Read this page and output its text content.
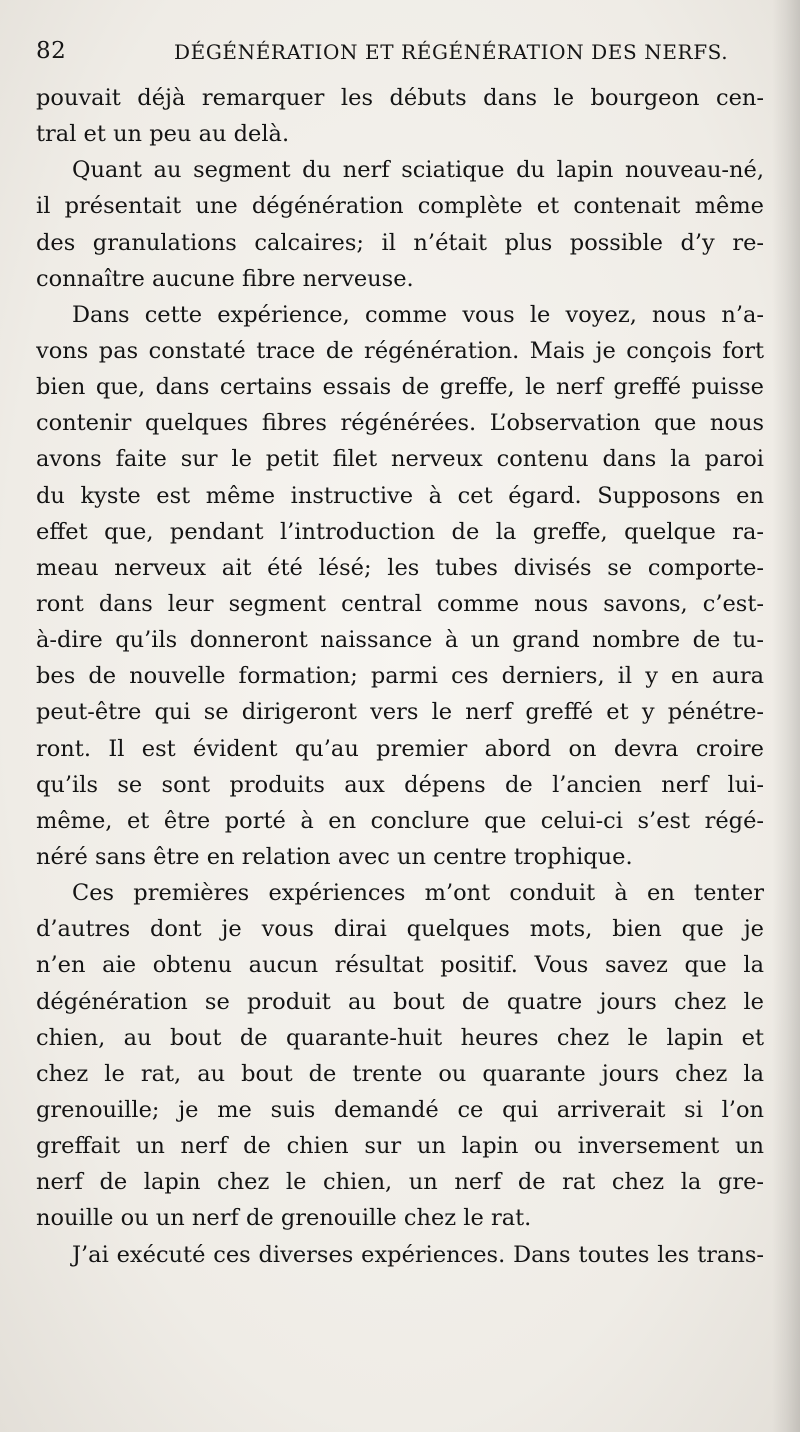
82	DÉGÉNÉRATION ET RÉGÉNÉRATION DES NERFS.
pouvait déjà remarquer les débuts dans le bourgeon cen-
tral et un peu au delà.
Quant au segment du nerf sciatique du lapin nouveau-né,
il présentait une dégénération complète et contenait même
des granulations calcaires; il n’était plus possible d’y re-
connaître aucune fibre nerveuse.
Dans cette expérience, comme vous le voyez, nous n’a-
vons pas constaté trace de régénération. Mais je conçois fort
bien que, dans certains essais de greffe, le nerf greffé puisse
contenir quelques fibres régénérées. L’observation que nous
avons faite sur le petit filet nerveux contenu dans la paroi
du kyste est même instructive à cet égard. Supposons en
effet que, pendant l’introduction de la greffe, quelque ra-
meau nerveux ait été lésé; les tubes divisés se comporte-
ront dans leur segment central comme nous savons, c’est-
à-dire qu’ils donneront naissance à un grand nombre de tu-
bes de nouvelle formation; parmi ces derniers, il y en aura
peut-être qui se dirigeront vers le nerf greffé et y pénétre-
ront. Il est évident qu’au premier abord on devra croire
qu’ils se sont produits aux dépens de l’ancien nerf lui-
même, et être porté à en conclure que celui-ci s’est régé-
néré sans être en relation avec un centre trophique.
Ces premières expériences m’ont conduit à en tenter
d’autres dont je vous dirai quelques mots, bien que je
n’en aie obtenu aucun résultat positif. Vous savez que la
dégénération se produit au bout de quatre jours chez le
chien, au bout de quarante-huit heures chez le lapin et
chez le rat, au bout de trente ou quarante jours chez la
grenouille; je me suis demandé ce qui arriverait si l’on
greffait un nerf de chien sur un lapin ou inversement un
nerf de lapin chez le chien, un nerf de rat chez la gre-
nouille ou un nerf de grenouille chez le rat.
J’ai exécuté ces diverses expériences. Dans toutes les trans-
